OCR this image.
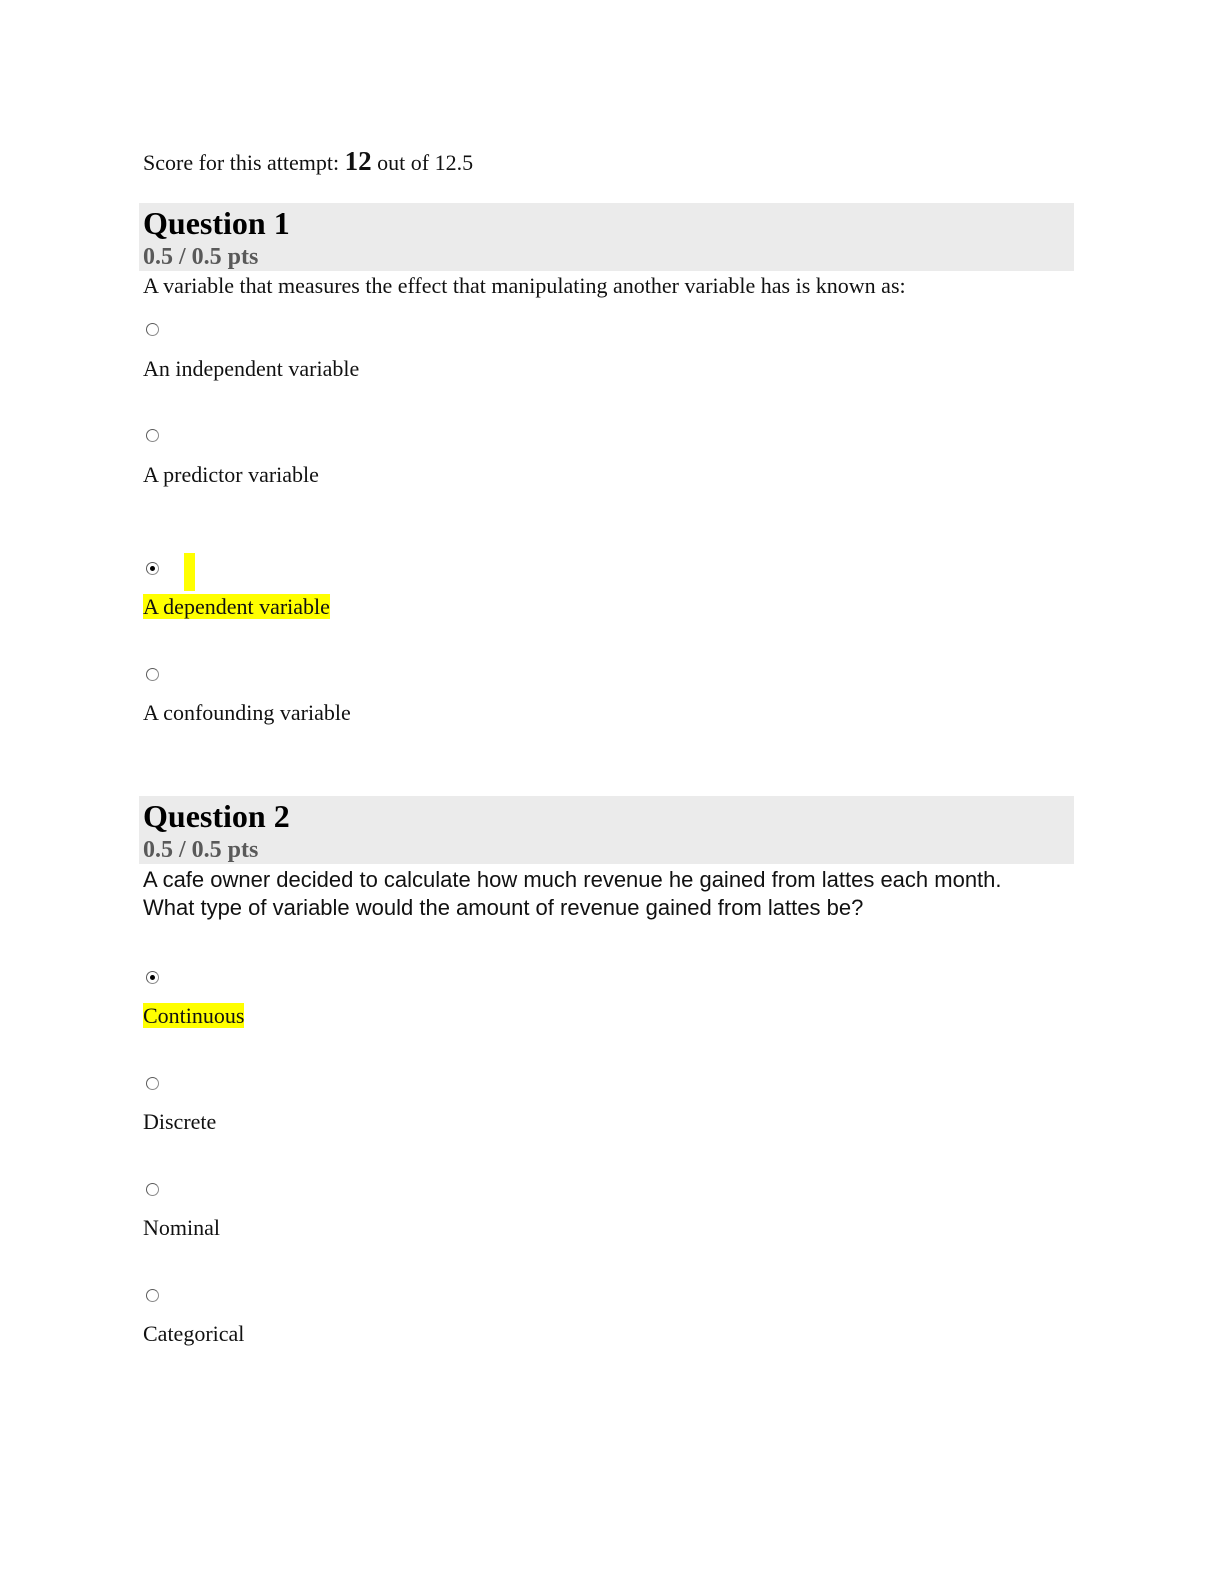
Score for this attempt: 12 out of 12.5
Question 1
0.5 / 0.5 pts
A variable that measures the effect that manipulating another variable has is known as:
An independent variable
A predictor variable
A dependent variable
A confounding variable
Question 2
0.5 / 0.5 pts
A cafe owner decided to calculate how much revenue he gained from lattes each month. What type of variable would the amount of revenue gained from lattes be?
Continuous
Discrete
Nominal
Categorical
